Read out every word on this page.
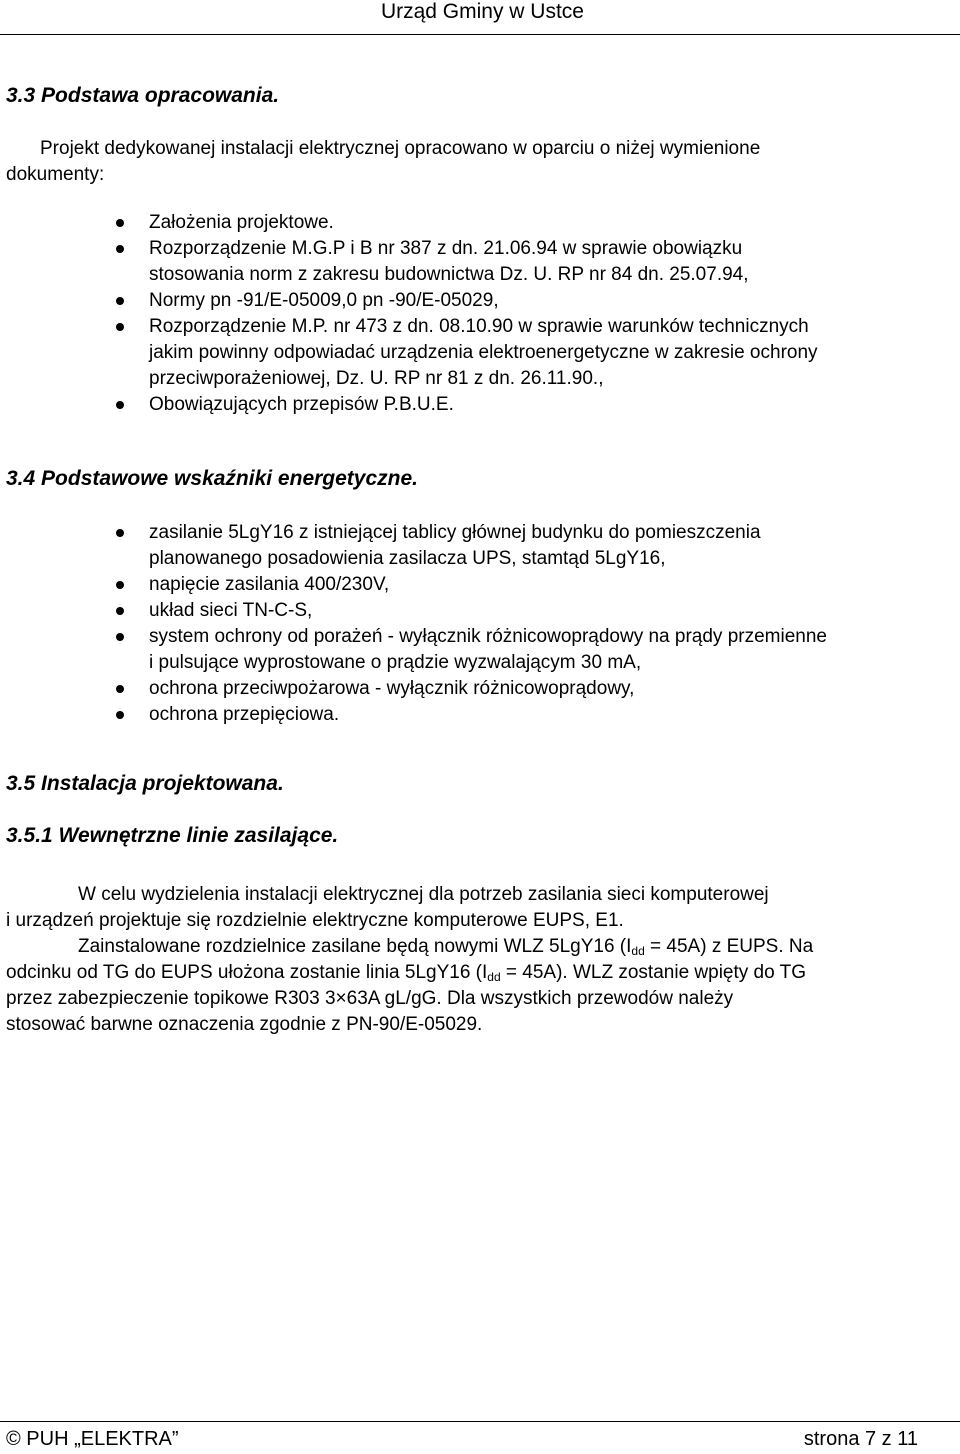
Urząd Gminy w Ustce
3.3 Podstawa opracowania.
Projekt dedykowanej instalacji elektrycznej opracowano w oparciu o niżej wymienione
dokumenty:
Założenia projektowe.
Rozporządzenie M.G.P i B nr 387 z dn. 21.06.94 w sprawie obowiązku
stosowania norm z zakresu budownictwa Dz. U. RP nr 84 dn. 25.07.94,
Normy pn -91/E-05009,0 pn -90/E-05029,
Rozporządzenie M.P. nr 473 z dn. 08.10.90 w sprawie warunków technicznych
jakim powinny odpowiadać urządzenia elektroenergetyczne w zakresie ochrony
przeciwporażeniowej, Dz. U. RP nr 81 z dn. 26.11.90.,
Obowiązujących przepisów P.B.U.E.
3.4 Podstawowe wskaźniki energetyczne.
zasilanie 5LgY16 z istniejącej tablicy głównej budynku do pomieszczenia
planowanego posadowienia zasilacza UPS, stamtąd 5LgY16,
napięcie zasilania 400/230V,
układ sieci TN-C-S,
system ochrony od porażeń - wyłącznik różnicowoprądowy na prądy przemienne
i pulsujące wyprostowane o prądzie wyzwalającym 30 mA,
ochrona przeciwpożarowa - wyłącznik różnicowoprądowy,
ochrona przepięciowa.
3.5 Instalacja projektowana.
3.5.1 Wewnętrzne linie zasilające.
W celu wydzielenia instalacji elektrycznej dla potrzeb zasilania sieci komputerowej
i urządzeń projektuje się rozdzielnie elektryczne komputerowe EUPS, E1.
Zainstalowane rozdzielnice zasilane będą nowymi WLZ 5LgY16 $(I_{dd} = 45A)$ z EUPS. Na
odcinku od TG do EUPS ułożona zostanie linia 5LgY16 $(I_{dd} = 45A)$. WLZ zostanie wpięty do TG
przez zabezpieczenie topikowe R303 3×63A gL/gG. Dla wszystkich przewodów należy
stosować barwne oznaczenia zgodnie z PN-90/E-05029.
© PUH „ELEKTRA”	strona 7 z 11
